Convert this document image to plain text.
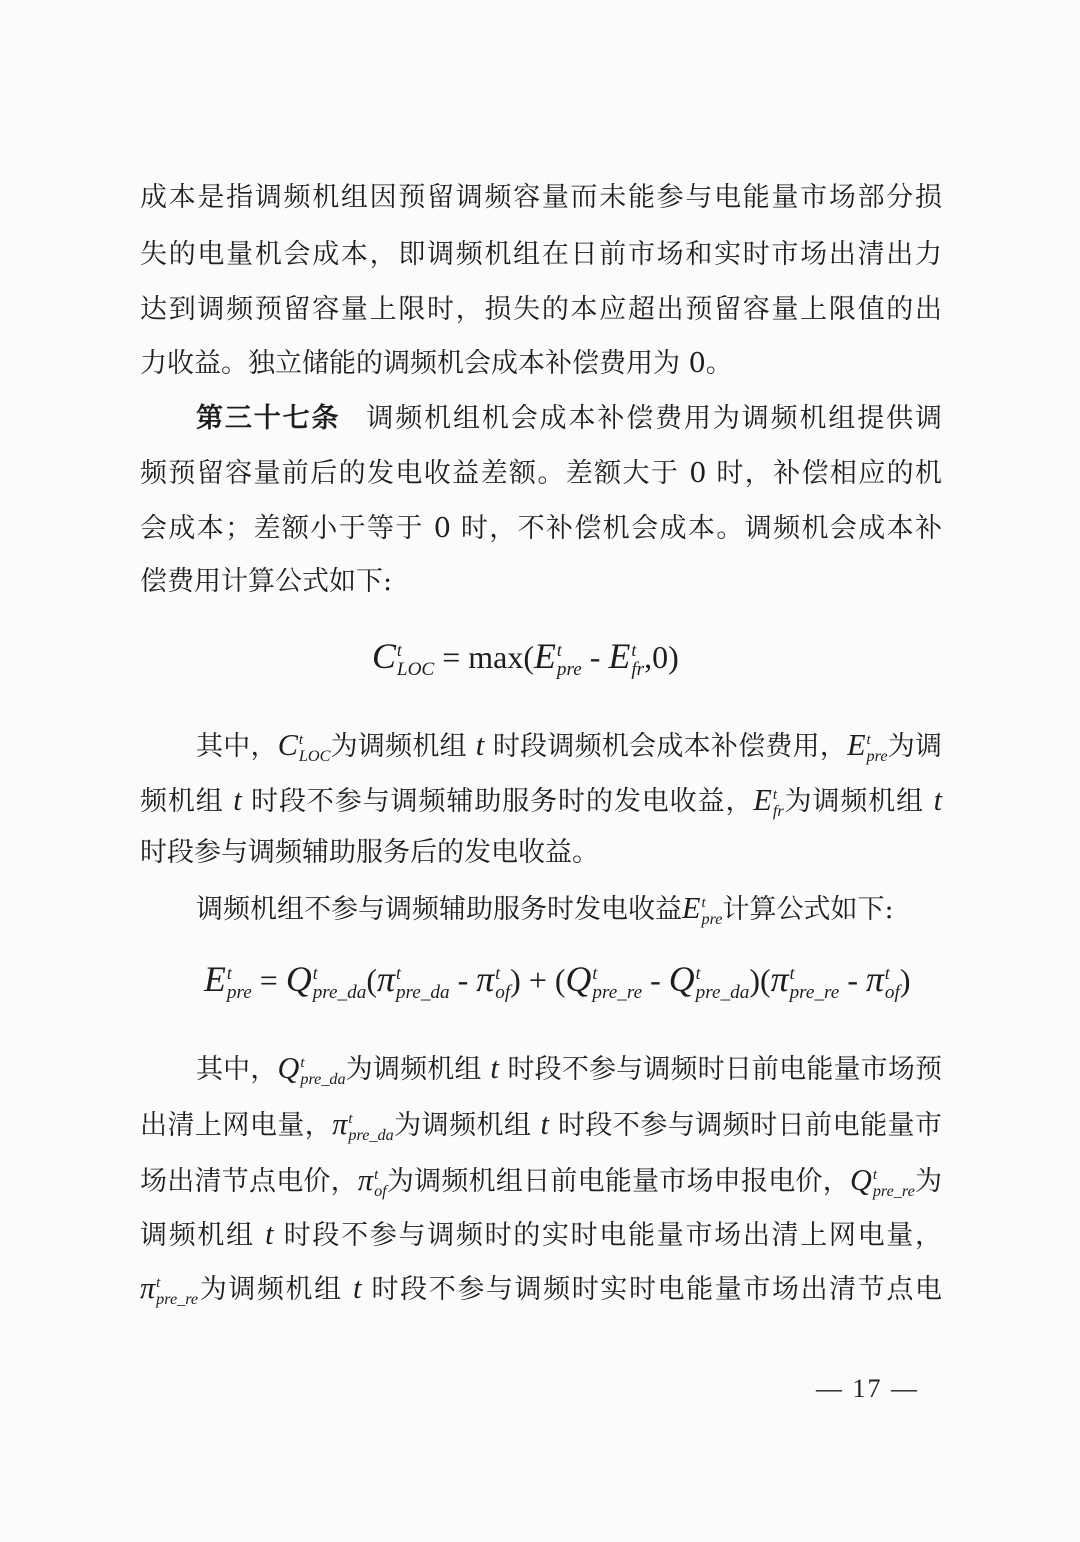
成本是指调频机组因预留调频容量而未能参与电能量市场部分损
失的电量机会成本，即调频机组在日前市场和实时市场出清出力
达到调频预留容量上限时，损失的本应超出预留容量上限值的出
力收益。独立储能的调频机会成本补偿费用为 0。
第三十七条 调频机组机会成本补偿费用为调频机组提供调
频预留容量前后的发电收益差额。差额大于 0 时，补偿相应的机
会成本；差额小于等于 0 时，不补偿机会成本。调频机会成本补
偿费用计算公式如下:
其中，C t
LOC 为调频机组 t 时段调频机会成本补偿费用，E t
pre 为调
频机组 t 时段不参与调频辅助服务时的发电收益，E t
fr 为调频机组 t
时段参与调频辅助服务后的发电收益。
调频机组不参与调频辅助服务时发电收益E t
pre 计算公式如下:
其中，Q t
pre_da 为调频机组 t 时段不参与调频时日前电能量市场预
出清上网电量，π t
pre_da 为调频机组 t 时段不参与调频时日前电能量市
场出清节点电价，π t
of 为调频机组日前电能量市场申报电价，Q t
pre_re 为
调频机组 t 时段不参与调频时的实时电能量市场出清上网电量，
π t
pre_re 为调频机组 t 时段不参与调频时实时电能量市场出清节点电
C t
LOC = max(E t
pre - E t
fr ,0)
E t
pre = Q t
pre_da (π t
pre_da - π t
of ) + (Q t
pre_re - Q t
pre_da )(π t
pre_re - π t
of )
— 17 —
